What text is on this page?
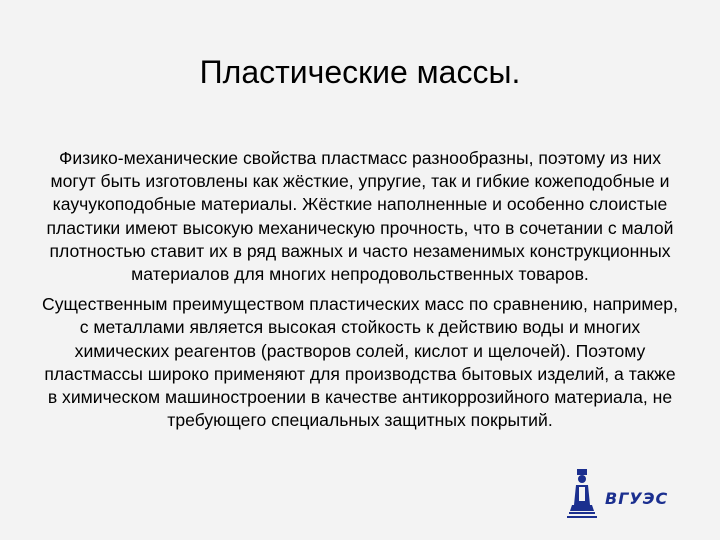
Пластические массы.

Физико-механические свойства пластмасс разнообразны, поэтому из них могут быть изготовлены как жёсткие, упругие, так и гибкие кожеподобные и каучукоподобные материалы. Жёсткие наполненные и особенно слоистые пластики имеют высокую механическую прочность, что в сочетании с малой плотностью ставит их в ряд важных и часто незаменимых конструкционных материалов для многих непродовольственных товаров.

Существенным преимуществом пластических масс по сравнению, например, с металлами является высокая стойкость к действию воды и многих химических реагентов (растворов солей, кислот и щелочей). Поэтому пластмассы широко применяют для производства бытовых изделий, а также в химическом машиностроении в качестве антикоррозийного материала, не требующего специальных защитных покрытий.

ВГУЭС
